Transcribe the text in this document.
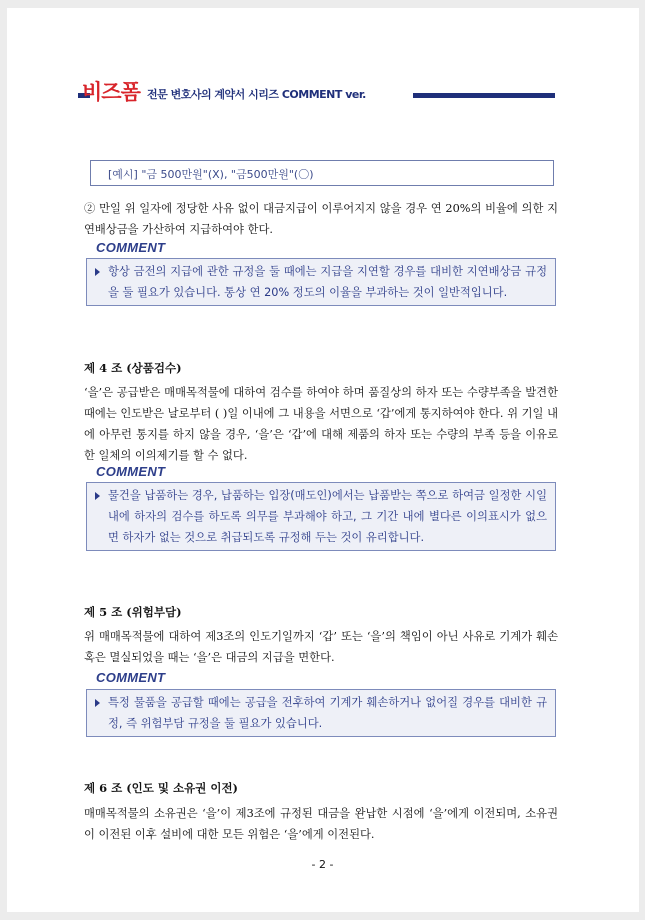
비즈폼 전문 변호사의 계약서 시리즈 COMMENT ver.
[예시] "금 500만원"(X), "금500만원"(〇)
② 만일 위 일자에 정당한 사유 없이 대금지급이 이루어지지 않을 경우 연 20%의 비율에 의한 지연배상금을 가산하여 지급하여야 한다.
COMMENT
항상 금전의 지급에 관한 규정을 둘 때에는 지급을 지연할 경우를 대비한 지연배상금 규정을 둘 필요가 있습니다. 통상 연 20% 정도의 이율을 부과하는 것이 일반적입니다.
제 4 조 (상품검수)
‘을’은 공급받은 매매목적물에 대하여 검수를 하여야 하며 품질상의 하자 또는 수량부족을 발견한 때에는 인도받은 날로부터 ( )일 이내에 그 내용을 서면으로 ‘갑’에게 통지하여야 한다. 위 기일 내에 아무런 통지를 하지 않을 경우, ‘을’은 ‘갑’에 대해 제품의 하자 또는 수량의 부족 등을 이유로 한 일체의 이의제기를 할 수 없다.
COMMENT
물건을 납품하는 경우, 납품하는 입장(매도인)에서는 납품받는 쪽으로 하여금 일정한 시일 내에 하자의 검수를 하도록 의무를 부과해야 하고, 그 기간 내에 별다른 이의표시가 없으면 하자가 없는 것으로 취급되도록 규정해 두는 것이 유리합니다.
제 5 조 (위험부담)
위 매매목적물에 대하여 제3조의 인도기일까지 ‘갑’ 또는 ‘을’의 책임이 아닌 사유로 기계가 훼손 혹은 멸실되었을 때는 ‘을’은 대금의 지급을 면한다.
COMMENT
특정 물품을 공급할 때에는 공급을 전후하여 기계가 훼손하거나 없어질 경우를 대비한 규정, 즉 위험부담 규정을 둘 필요가 있습니다.
제 6 조 (인도 및 소유권 이전)
매매목적물의 소유권은 ‘을’이 제3조에 규정된 대금을 완납한 시점에 ‘을’에게 이전되며, 소유권이 이전된 이후 설비에 대한 모든 위험은 ‘을’에게 이전된다.
- 2 -
